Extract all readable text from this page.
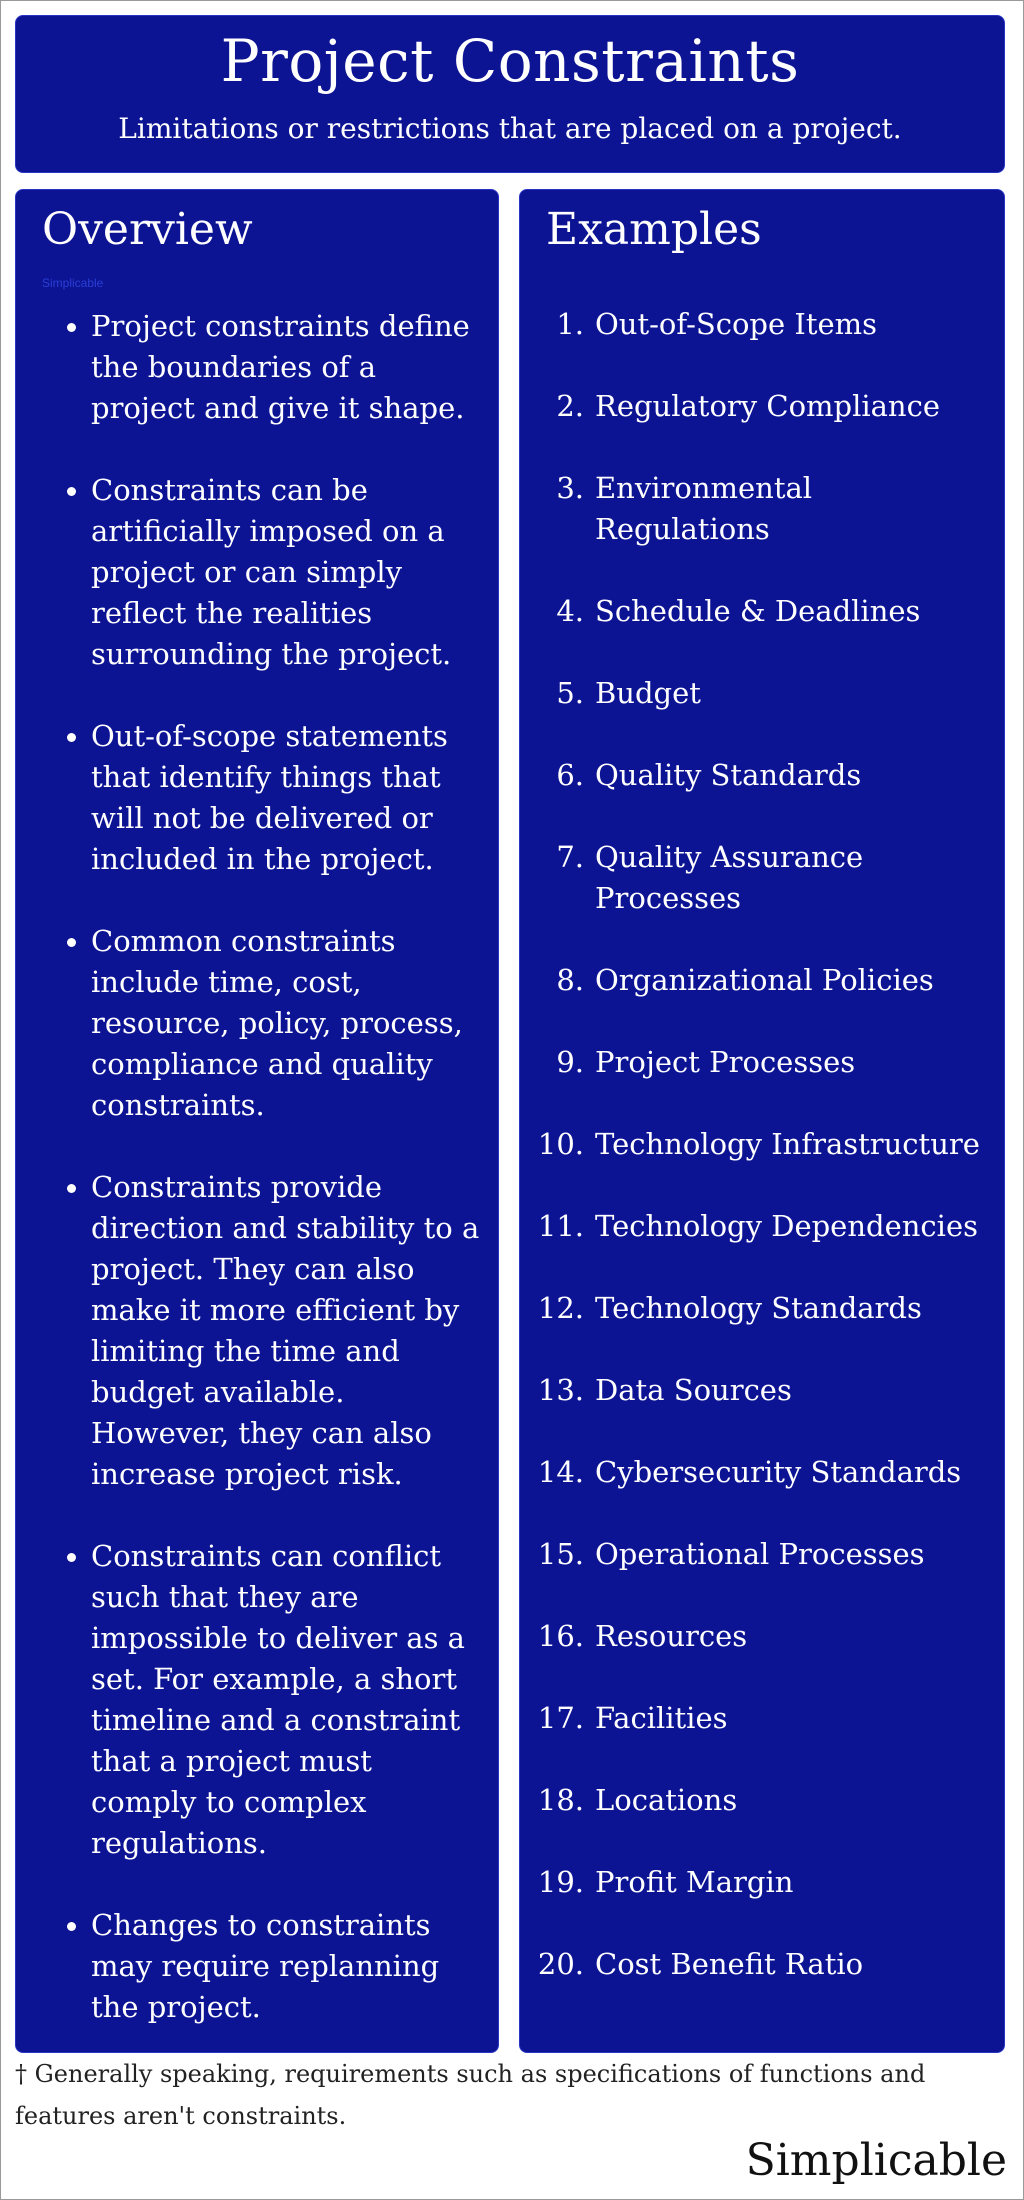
Project Constraints
Limitations or restrictions that are placed on a project.
Overview
Simplicable
Project constraints define the boundaries of a project and give it shape.
Constraints can be artificially imposed on a project or can simply reflect the realities surrounding the project.
Out-of-scope statements that identify things that will not be delivered or included in the project.
Common constraints include time, cost, resource, policy, process, compliance and quality constraints.
Constraints provide direction and stability to a project. They can also make it more efficient by limiting the time and budget available. However, they can also increase project risk.
Constraints can conflict such that they are impossible to deliver as a set. For example, a short timeline and a constraint that a project must comply to complex regulations.
Changes to constraints may require replanning the project.
Examples
1. Out-of-Scope Items
2. Regulatory Compliance
3. Environmental Regulations
4. Schedule & Deadlines
5. Budget
6. Quality Standards
7. Quality Assurance Processes
8. Organizational Policies
9. Project Processes
10. Technology Infrastructure
11. Technology Dependencies
12. Technology Standards
13. Data Sources
14. Cybersecurity Standards
15. Operational Processes
16. Resources
17. Facilities
18. Locations
19. Profit Margin
20. Cost Benefit Ratio
† Generally speaking, requirements such as specifications of functions and features aren't constraints.
Simplicable
